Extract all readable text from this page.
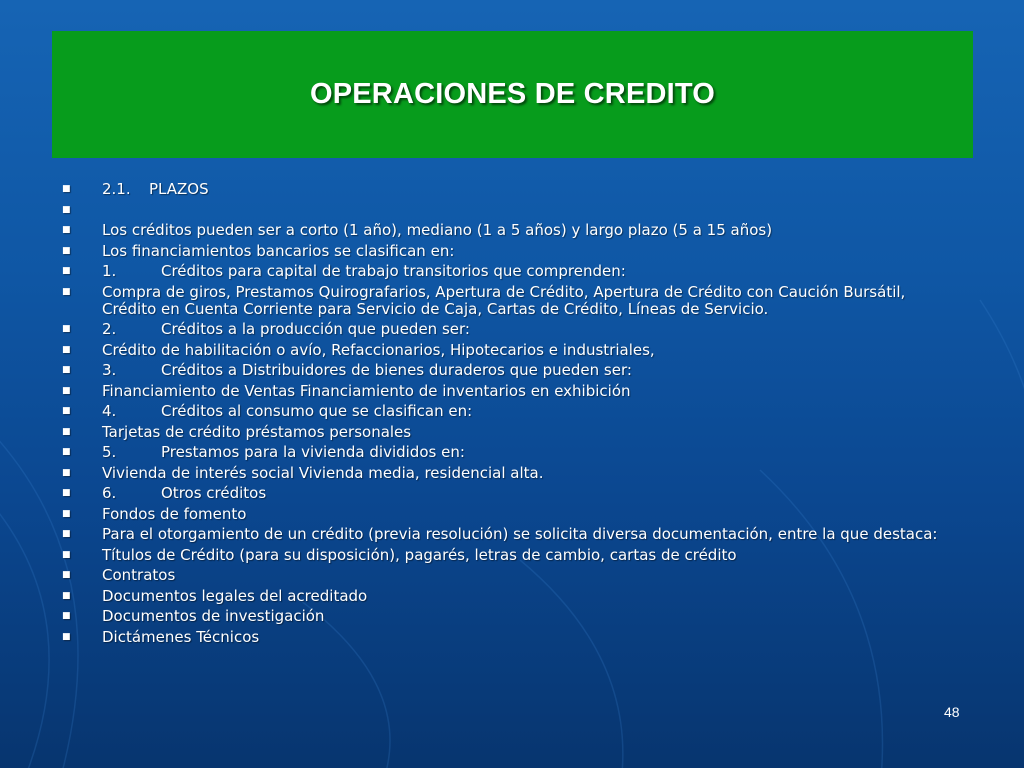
OPERACIONES DE CREDITO
■	2.1. PLAZOS
■
■	Los créditos pueden ser a corto (1 año), mediano (1 a 5 años) y largo plazo (5 a 15 años)
■	Los financiamientos bancarios se clasifican en:
■	1.	Créditos para capital de trabajo transitorios que comprenden:
■	Compra de giros, Prestamos Quirografarios, Apertura de Crédito, Apertura de Crédito con Caución Bursátil, Crédito en Cuenta Corriente para Servicio de Caja, Cartas de Crédito, Líneas de Servicio.
■	2.	Créditos a la producción que pueden ser:
■	Crédito de habilitación o avío, Refaccionarios, Hipotecarios e industriales,
■	3.	Créditos a Distribuidores de bienes duraderos que pueden ser:
■	Financiamiento de Ventas Financiamiento de inventarios en exhibición
■	4.	Créditos al consumo que se clasifican en:
■	Tarjetas de crédito préstamos personales
■	5.	Prestamos para la vivienda divididos en:
■	Vivienda de interés social Vivienda media, residencial alta.
■	6.	Otros créditos
■	Fondos de fomento
■	Para el otorgamiento de un crédito (previa resolución) se solicita diversa documentación, entre la que destaca:
■	Títulos de Crédito (para su disposición), pagarés, letras de cambio, cartas de crédito
■	Contratos
■	Documentos legales del acreditado
■	Documentos de investigación
■	Dictámenes Técnicos
48
